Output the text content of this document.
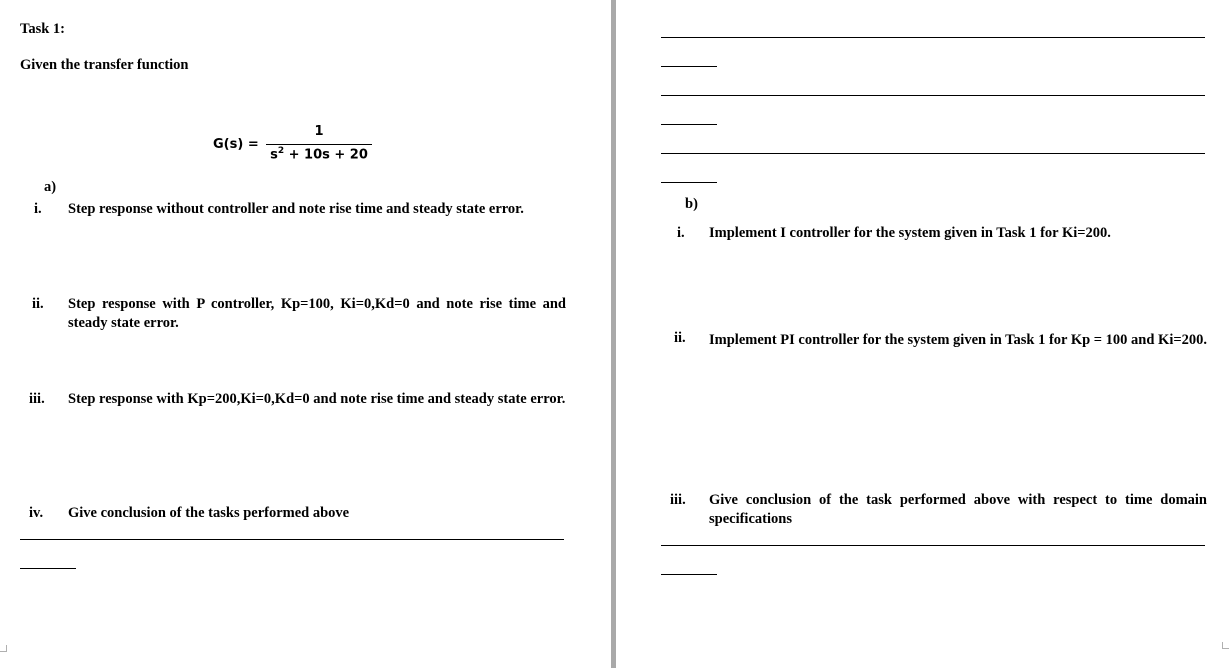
Task 1:
Given the transfer function
G(s) =
1
$s^2 + 10s + 20$
a)
i. Step response without controller and note rise time and steady state error.
ii. Step response with P controller, Kp=100, Ki=0,Kd=0 and note rise time and steady state error.
iii. Step response with Kp=200,Ki=0,Kd=0 and note rise time and steady state error.
iv. Give conclusion of the tasks performed above
b)
i. Implement I controller for the system given in Task 1 for Ki=200.
ii. Implement PI controller for the system given in Task 1 for Kp = 100 and Ki=200.
iii. Give conclusion of the task performed above with respect to time domain specifications
